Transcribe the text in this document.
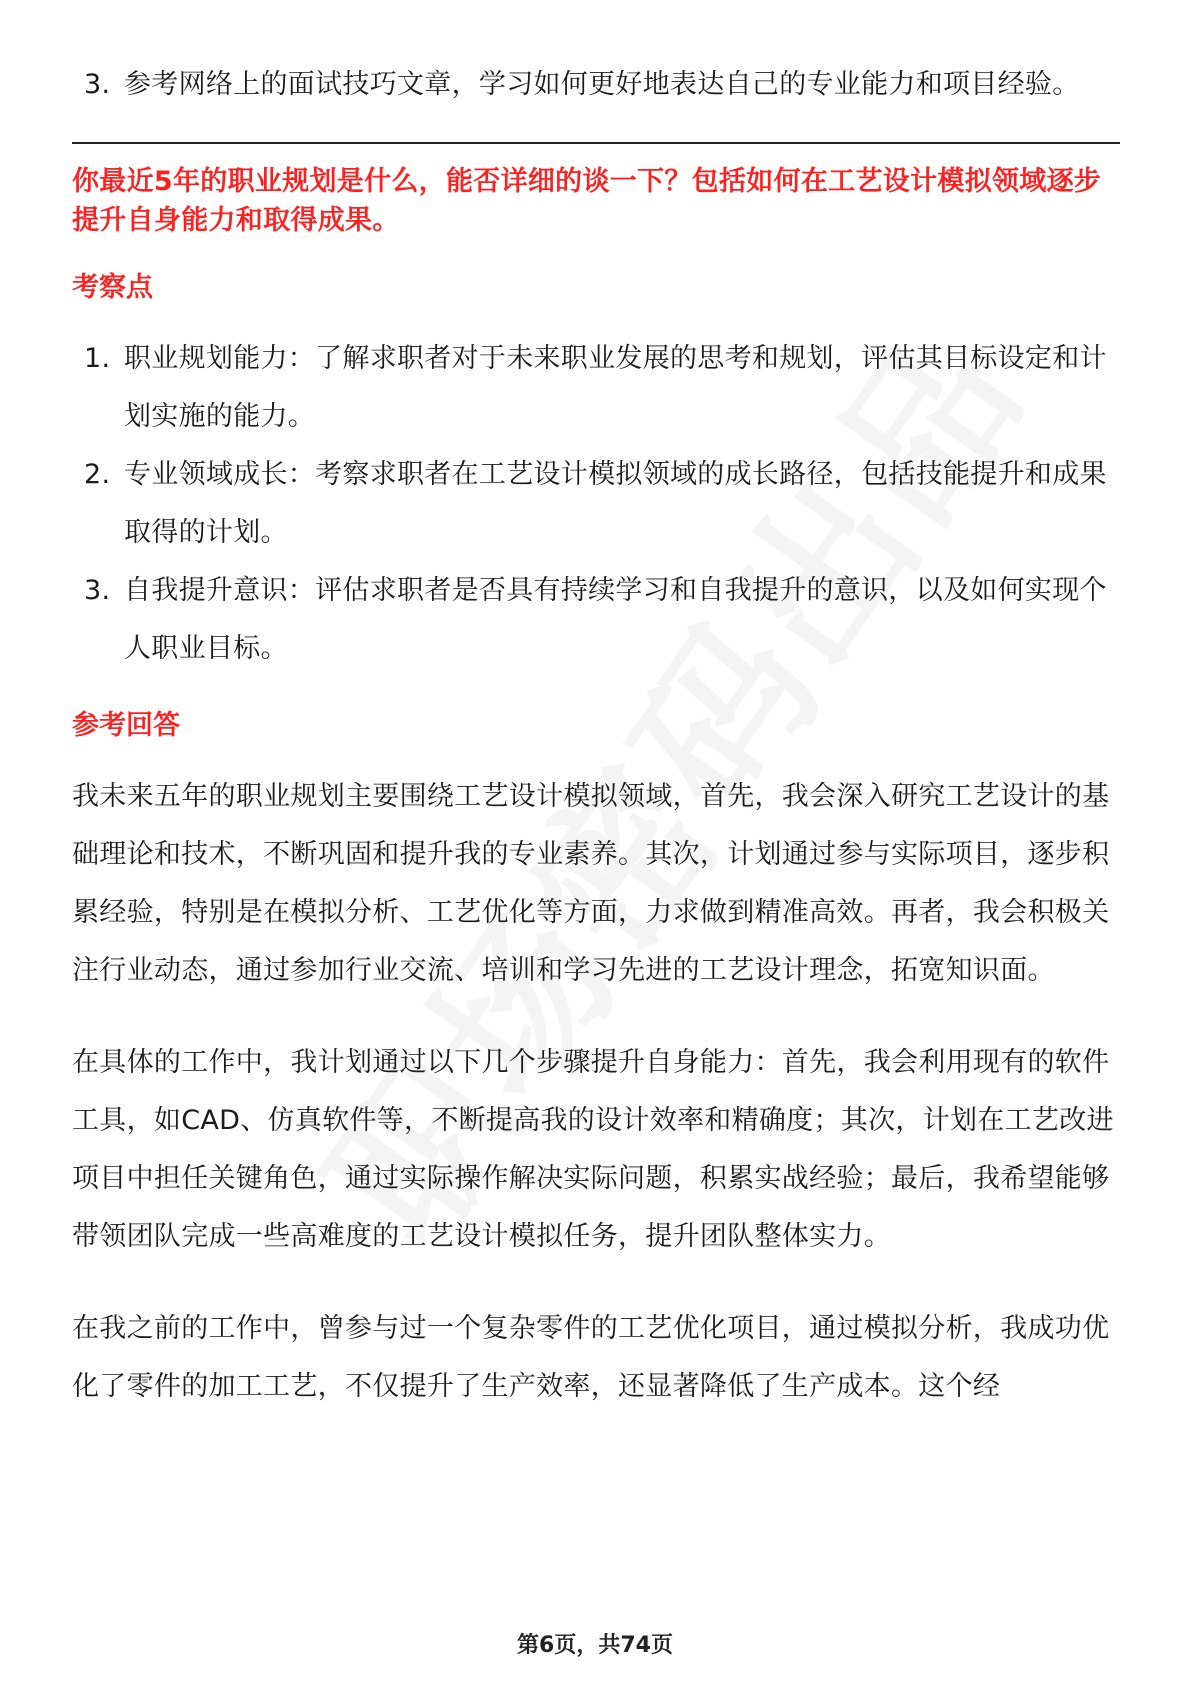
3. 参考网络上的面试技巧文章，学习如何更好地表达自己的专业能力和项目经验。

你最近5年的职业规划是什么，能否详细的谈一下？包括如何在工艺设计模拟领域逐步提升自身能力和取得成果。

考察点
1. 职业规划能力：了解求职者对于未来职业发展的思考和规划，评估其目标设定和计划实施的能力。
2. 专业领域成长：考察求职者在工艺设计模拟领域的成长路径，包括技能提升和成果取得的计划。
3. 自我提升意识：评估求职者是否具有持续学习和自我提升的意识，以及如何实现个人职业目标。
参考回答

我未来五年的职业规划主要围绕工艺设计模拟领域，首先，我会深入研究工艺设计的基础理论和技术，不断巩固和提升我的专业素养。其次，计划通过参与实际项目，逐步积累经验，特别是在模拟分析、工艺优化等方面，力求做到精准高效。再者，我会积极关注行业动态，通过参加行业交流、培训和学习先进的工艺设计理念，拓宽知识面。

在具体的工作中，我计划通过以下几个步骤提升自身能力：首先，我会利用现有的软件工具，如CAD、仿真软件等，不断提高我的设计效率和精确度；其次，计划在工艺改进项目中担任关键角色，通过实际操作解决实际问题，积累实战经验；最后，我希望能够带领团队完成一些高难度的工艺设计模拟任务，提升团队整体实力。

在我之前的工作中，曾参与过一个复杂零件的工艺优化项目，通过模拟分析，我成功优化了零件的加工工艺，不仅提升了生产效率，还显著降低了生产成本。这个经

第6页，共74页
